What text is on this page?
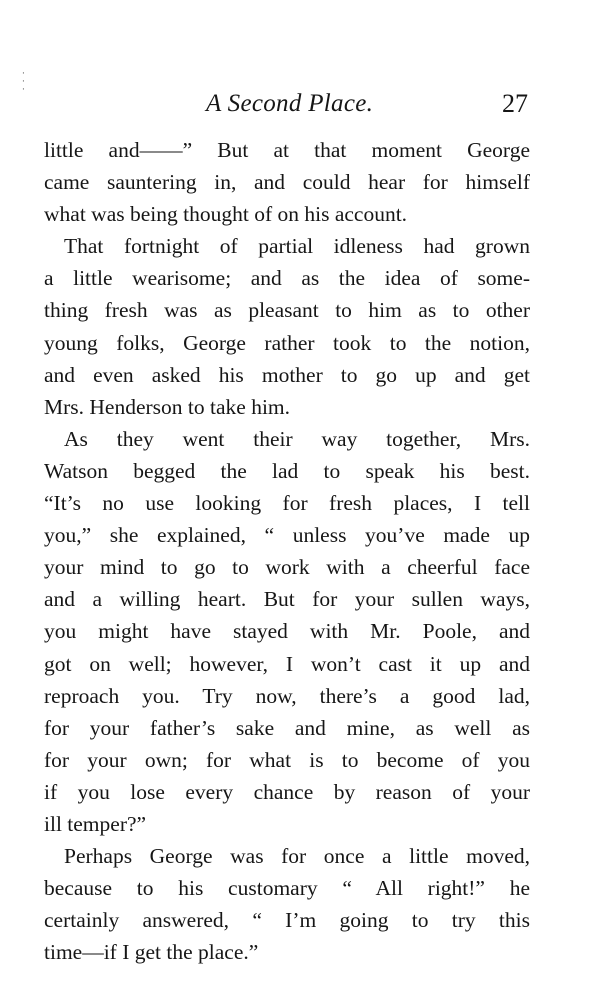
·
·
·	A Second Place.	27
little and——” But at that moment George
came sauntering in, and could hear for himself
what was being thought of on his account.
That fortnight of partial idleness had grown
a little wearisome; and as the idea of some-
thing fresh was as pleasant to him as to other
young folks, George rather took to the notion,
and even asked his mother to go up and get
Mrs. Henderson to take him.
As they went their way together, Mrs.
Watson begged the lad to speak his best.
“It’s no use looking for fresh places, I tell
you,” she explained, “ unless you’ve made up
your mind to go to work with a cheerful face
and a willing heart. But for your sullen ways,
you might have stayed with Mr. Poole, and
got on well; however, I won’t cast it up and
reproach you. Try now, there’s a good lad,
for your father’s sake and mine, as well as
for your own; for what is to become of you
if you lose every chance by reason of your
ill temper?”
Perhaps George was for once a little moved,
because to his customary “ All right!” he
certainly answered, “ I’m going to try this
time—if I get the place.”
